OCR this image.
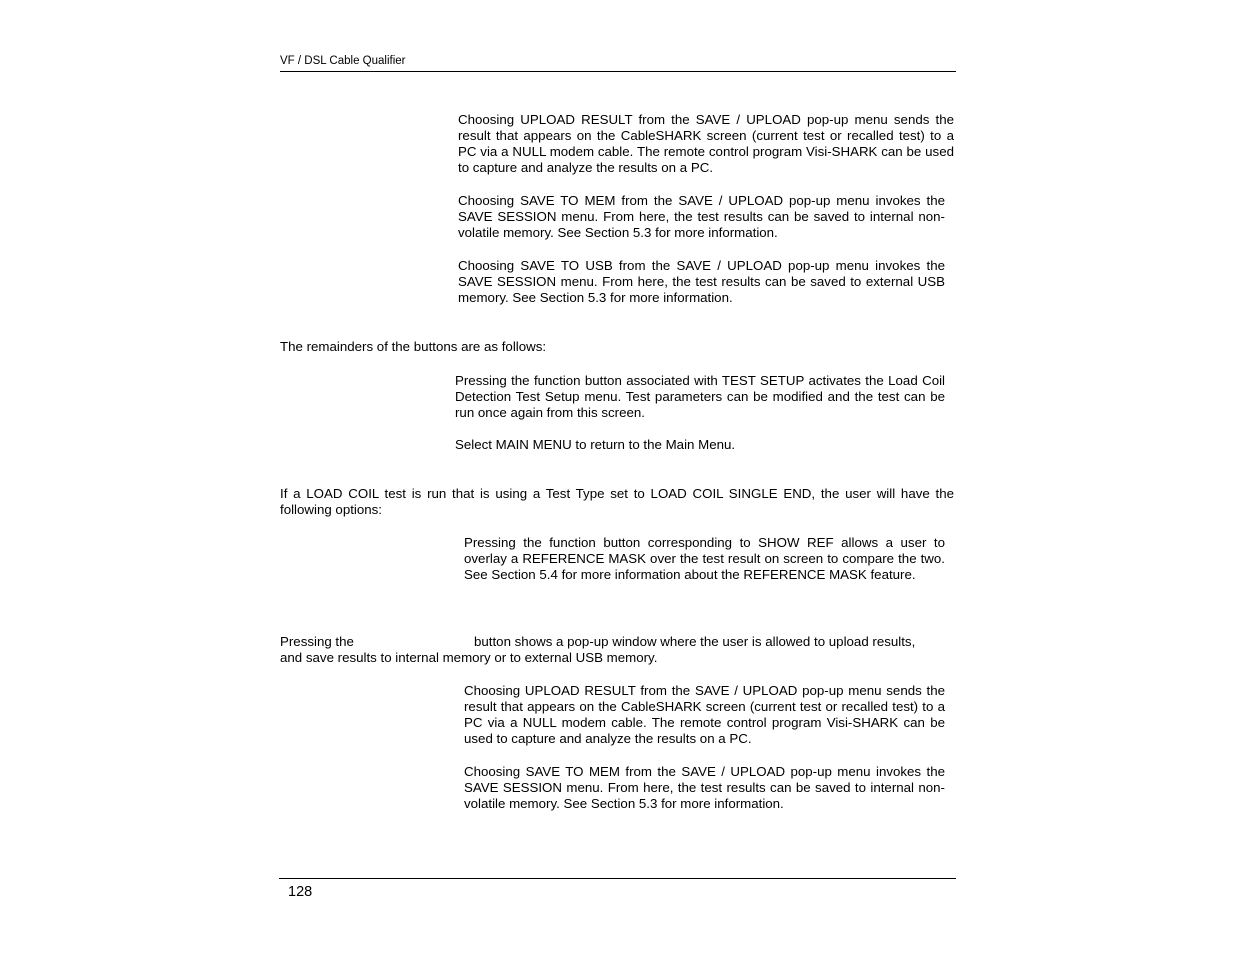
VF / DSL Cable Qualifier
Choosing UPLOAD RESULT from the SAVE / UPLOAD pop-up menu sends the result that appears on the CableSHARK screen (current test or recalled test) to a PC via a NULL modem cable. The remote control program Visi-SHARK can be used to capture and analyze the results on a PC.
Choosing SAVE TO MEM from the SAVE / UPLOAD pop-up menu invokes the SAVE SESSION menu. From here, the test results can be saved to internal non-volatile memory. See Section 5.3 for more information.
Choosing SAVE TO USB from the SAVE / UPLOAD pop-up menu invokes the SAVE SESSION menu. From here, the test results can be saved to external USB memory. See Section 5.3 for more information.
The remainders of the buttons are as follows:
Pressing the function button associated with TEST SETUP activates the Load Coil Detection Test Setup menu. Test parameters can be modified and the test can be run once again from this screen.
Select MAIN MENU to return to the Main Menu.
If a LOAD COIL test is run that is using a Test Type set to LOAD COIL SINGLE END, the user will have the following options:
Pressing the function button corresponding to SHOW REF allows a user to overlay a REFERENCE MASK over the test result on screen to compare the two. See Section 5.4 for more information about the REFERENCE MASK feature.
Pressing the	button shows a pop-up window where the user is allowed to upload results,
and save results to internal memory or to external USB memory.
Choosing UPLOAD RESULT from the SAVE / UPLOAD pop-up menu sends the result that appears on the CableSHARK screen (current test or recalled test) to a PC via a NULL modem cable. The remote control program Visi-SHARK can be used to capture and analyze the results on a PC.
Choosing SAVE TO MEM from the SAVE / UPLOAD pop-up menu invokes the SAVE SESSION menu. From here, the test results can be saved to internal non-volatile memory. See Section 5.3 for more information.
128
